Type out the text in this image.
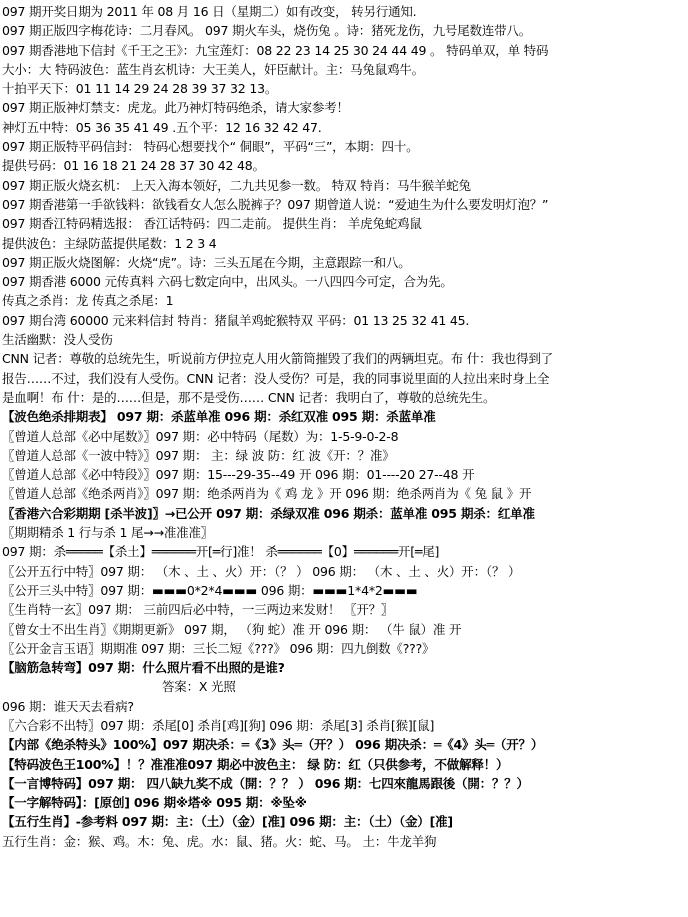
097 期开奖日期为 2011 年 08 月 16 日（星期二）如有改变， 转另行通知.
097 期正版四字梅花诗：二月春风。 097 期火车头，烧伤兔 。诗：猪死龙伤，九号尾数连带八。
097 期香港地下信封《千王之王》：九宝莲灯：08 22 23 14 25 30 24 44 49 。 特码单双，单 特码
大小：大 特码波色：蓝生肖玄机诗：大王美人，奸臣献计。主：马兔鼠鸡牛。
十拍平天下：01 11 14 29 24 28 39 37 32 13。
097 期正版神灯禁支：虎龙。此乃神灯特码绝杀，请大家参考！
神灯五中特：05 36 35 41 49 .五个平：12 16 32 42 47.
097 期正版特平码信封： 特码心想要找个“ 侗眼”，平码“三”，本期：四十。
提供号码：01 16 18 21 24 28 37 30 42 48。
097 期正版火烧玄机： 上天入海本领好，二九共见参一数。 特双 特肖：马牛猴羊蛇兔
097 期香港第一手欲钱料：欲钱看女人怎么脱裤子？097 期曾道人说：“爱迪生为什么要发明灯泡？”
097 期香江特码精选报： 香江话特码：四二走前。 提供生肖： 羊虎兔蛇鸡鼠
提供波色：主绿防蓝提供尾数：1 2 3 4
097 期正版火烧图解：火烧“虎”。诗：三头五尾在今期，主意跟踪一和八。
097 期香港 6000 元传真料 六码七数定向中，出风头。一八四四今可定，合为先。
传真之杀肖：龙 传真之杀尾：1
097 期台湾 60000 元来料信封 特肖：猪鼠羊鸡蛇猴特双 平码：01 13 25 32 41 45.
生活幽默：没人受伤
CNN 记者：尊敬的总统先生，听说前方伊拉克人用火箭筒摧毁了我们的两辆坦克。布 什：我也得到了
报告……不过，我们没有人受伤。CNN 记者：没人受伤？可是，我的同事说里面的人拉出来时身上全
是血啊！布 什：是的……但是，那不是受伤…… CNN 记者：我明白了，尊敬的总统先生。
【波色绝杀排期表】 097 期：杀蓝单准 096 期：杀红双准 095 期：杀蓝单准
〖曾道人总部《必中尾数》〗097 期：必中特码（尾数）为：1-5-9-0-2-8
〖曾道人总部《一波中特》〗097 期： 主：绿 波 防：红 波《开：？准》
〖曾道人总部《必中特段》〗097 期：15---29-35--49 开 096 期：01----20 27--48 开
〖曾道人总部《绝杀两肖》〗097 期：绝杀两肖为《 鸡 龙 》开 096 期：绝杀两肖为《 兔 鼠 》开
〖香港六合彩期期 [杀半波]〗→已公开 097 期：杀绿双准 096 期杀：蓝单准 095 期杀：红单准
〖期期精杀 1 行与杀 1 尾→→准准准〗
097 期：杀═════【杀土】══════开[═行]准！ 杀══════【0】══════开[═尾]
〖公开五行中特〗097 期： （木 、土 、火）开：（？ ） 096 期： （木 、土 、火）开：（？ ）
〖公开三头中特〗097 期：▬▬▬0*2*4▬▬▬ 096 期：▬▬▬1*4*2▬▬▬
〖生肖特一玄〗097 期： 三前四后必中特，一三两边来发财！ 〖开？〗
〖曾女士不出生肖〗《期期更新》 097 期， （狗 蛇）准 开 096 期： （牛 鼠）准 开
〖公开金言玉语〗期期准 097 期：三长二短《???》 096 期：四九倒数《???》
【脑筋急转弯】097 期：什么照片看不出照的是谁?
答案：X 光照
096 期：谁天天去看病?
〖六合彩不出特〗097 期：杀尾[0] 杀肖[鸡][狗] 096 期：杀尾[3] 杀肖[猴][鼠]
【内部《绝杀特头》100%】097 期决杀：═《3》头═（开？） 096 期决杀：═《4》头═（开？）
【特码波色王100%】！？准准准097 期必中波色主： 绿 防：红（只供参考，不做解释！）
【一言博特码】097 期： 四八缺九奖不成（開：？？ ） 096 期：七四來龍馬跟後（開：？？）
【一字解特码】：[原创] 096 期※塔※ 095 期：※坠※
【五行生肖】-参考料 097 期：主：（土）（金）[准] 096 期：主：（土）（金）[准]
五行生肖：金：猴、鸡。木：兔、虎。水：鼠、猪。火：蛇、马。 土：牛龙羊狗
